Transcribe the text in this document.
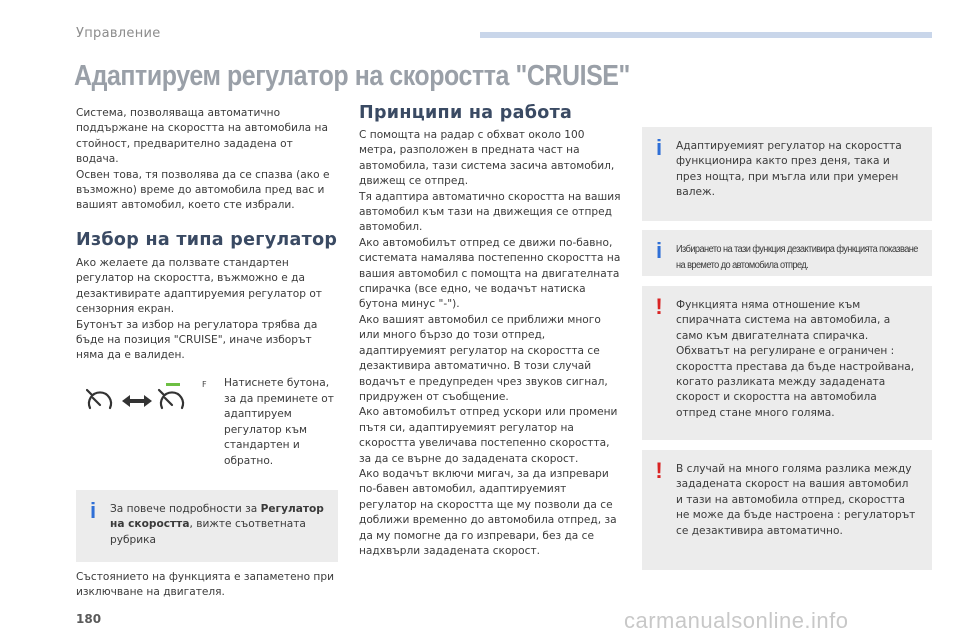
Управление
Адаптируем регулатор на скоростта "CRUISE"

Система, позволяваща автоматично поддържане на скоростта на автомобила на стойност, предварително зададена от водача.

Освен това, тя позволява да се спазва (ако е възможно) време до автомобила пред вас и вашият автомобил, което сте избрали.

Избор на типа регулатор

Ако желаете да ползвате стандартен регулатор на скоростта, въжможно е да дезактивирате адаптируемия регулатор от сензорния екран.

Бутонът за избор на регулатора трябва да бъде на позиция "CRUISE", иначе изборът няма да е валиден.

F	Натиснете бутона, за да преминете от адаптируем регулатор към стандартен и обратно.
i За повече подробности за Регулатор на скоростта, вижте съответната рубрика
Състоянието на функцията е запаметено при изключване на двигателя.
Принципи на работа

С помощта на радар с обхват около 100 метра, разположен в предната част на автомобила, тази система засича автомобил, движещ се отпред.

Тя адаптира автоматично скоростта на вашия автомобил към тази на движещия се отпред автомобил.

Ако автомобилът отпред се движи по-бавно, системата намалява постепенно скоростта на вашия автомобил с помощта на двигателната спирачка (все едно, че водачът натиска бутона минус "-").

Ако вашият автомобил се приближи много или много бързо до този отпред, адаптируемият регулатор на скоростта се дезактивира автоматично. В този случай водачът е предупреден чрез звуков сигнал, придружен от съобщение.

Ако автомобилът отпред ускори или промени пътя си, адаптируемият регулатор на скоростта увеличава постепенно скоростта, за да се върне до зададената скорост.

Ако водачът включи мигач, за да изпревари по-бавен автомобил, адаптируемият регулатор на скоростта ще му позволи да се доближи временно до автомобила отпред, за да му помогне да го изпревари, без да се надхвърли зададената скорост.

i Адаптируемият регулатор на скоростта функционира както през деня, така и през нощта, при мъгла или при умерен валеж.
i Избирането на тази функция дезактивира функцията показване на времето до автомобила отпред.
! Функцията няма отношение към спирачната система на автомобила, а само към двигателната спирачка. Обхватът на регулиране е ограничен : скоростта престава да бъде настройвана, когато разликата между зададената скорост и скоростта на автомобила отпред стане много голяма.
! В случай на много голяма разлика между зададената скорост на вашия автомобил и тази на автомобила отпред, скоростта не може да бъде настроена : регулаторът се дезактивира автоматично.
180	carmanualsonline.info
